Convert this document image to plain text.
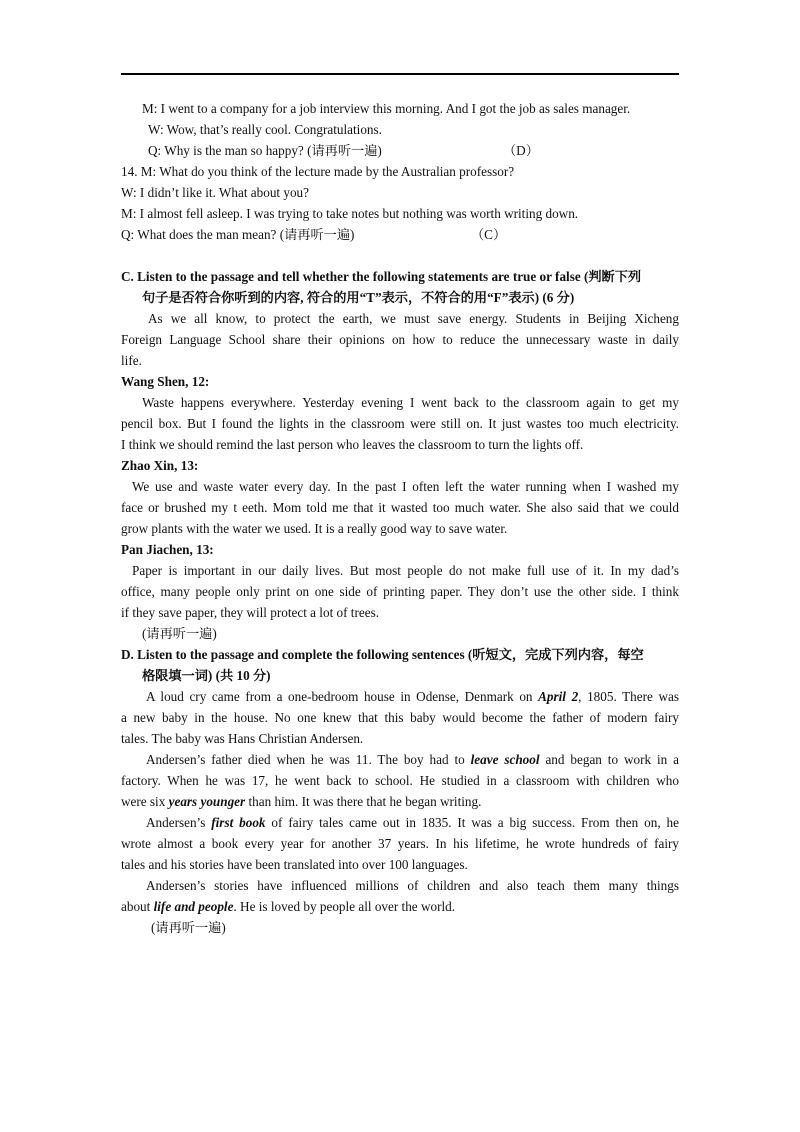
M: I went to a company for a job interview this morning. And I got the job as sales manager.
W: Wow, that’s really cool. Congratulations.
Q: Why is the man so happy? (请再听一遍)	（D）
14. M: What do you think of the lecture made by the Australian professor?
W: I didn’t like it. What about you?
M: I almost fell asleep. I was trying to take notes but nothing was worth writing down.
Q: What does the man mean? (请再听一遍)	（C）
C. Listen to the passage and tell whether the following statements are true or false (判断下列
句子是否符合你听到的内容, 符合的用“T”表示，不符合的用“F”表示) (6 分)
As we all know, to protect the earth, we must save energy. Students in Beijing Xicheng
Foreign Language School share their opinions on how to reduce the unnecessary waste in daily
life.
Wang Shen, 12:
Waste happens everywhere. Yesterday evening I went back to the classroom again to get my
pencil box. But I found the lights in the classroom were still on. It just wastes too much electricity.
I think we should remind the last person who leaves the classroom to turn the lights off.
Zhao Xin, 13:
We use and waste water every day. In the past I often left the water running when I washed my
face or brushed my t eeth. Mom told me that it wasted too much water. She also said that we could
grow plants with the water we used. It is a really good way to save water.
Pan Jiachen, 13:
Paper is important in our daily lives. But most people do not make full use of it. In my dad’s
office, many people only print on one side of printing paper. They don’t use the other side. I think
if they save paper, they will protect a lot of trees.
(请再听一遍)
D. Listen to the passage and complete the following sentences (听短文，完成下列内容，每空
格限填一词) (共 10 分)
A loud cry came from a one-bedroom house in Odense, Denmark on April 2, 1805. There was
a new baby in the house. No one knew that this baby would become the father of modern fairy
tales. The baby was Hans Christian Andersen.
Andersen’s father died when he was 11. The boy had to leave school and began to work in a
factory. When he was 17, he went back to school. He studied in a classroom with children who
were six years younger than him. It was there that he began writing.
Andersen’s first book of fairy tales came out in 1835. It was a big success. From then on, he
wrote almost a book every year for another 37 years. In his lifetime, he wrote hundreds of fairy
tales and his stories have been translated into over 100 languages.
Andersen’s stories have influenced millions of children and also teach them many things
about life and people. He is loved by people all over the world.
(请再听一遍)
